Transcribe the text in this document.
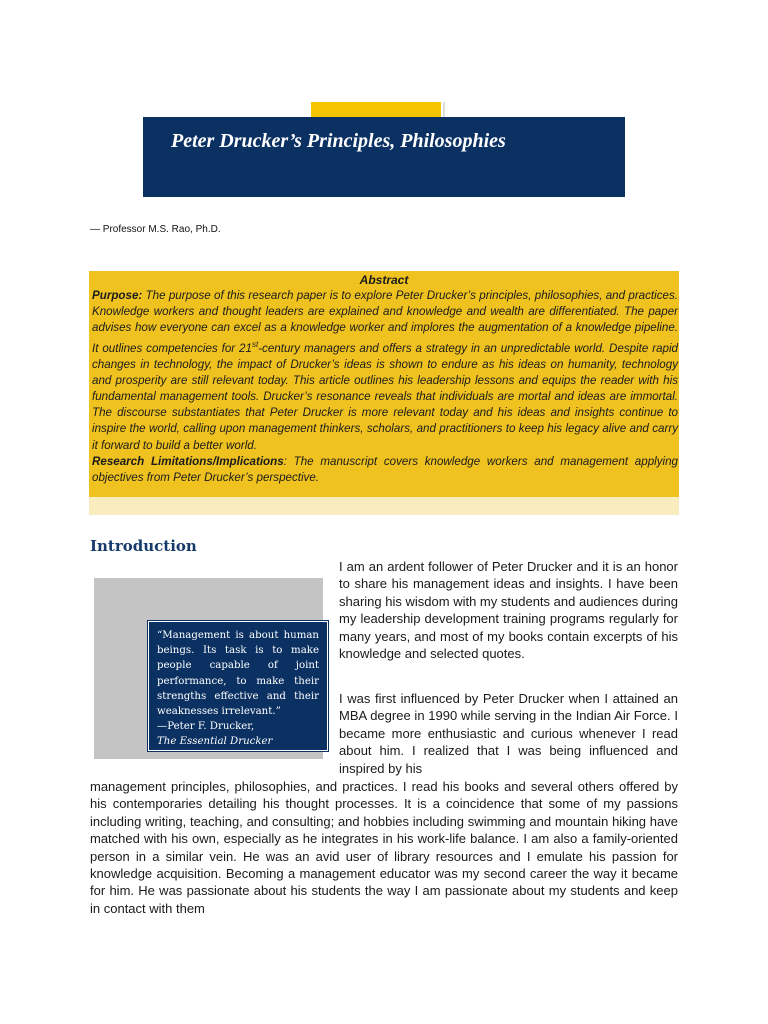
Peter Drucker’s Principles, Philosophies
— Professor M.S. Rao, Ph.D.
Abstract
Purpose: The purpose of this research paper is to explore Peter Drucker’s principles, philosophies, and practices. Knowledge workers and thought leaders are explained and knowledge and wealth are differentiated. The paper advises how everyone can excel as a knowledge worker and implores the augmentation of a knowledge pipeline. It outlines competencies for 21st-century managers and offers a strategy in an unpredictable world. Despite rapid changes in technology, the impact of Drucker’s ideas is shown to endure as his ideas on humanity, technology and prosperity are still relevant today. This article outlines his leadership lessons and equips the reader with his fundamental management tools. Drucker’s resonance reveals that individuals are mortal and ideas are immortal. The discourse substantiates that Peter Drucker is more relevant today and his ideas and insights continue to inspire the world, calling upon management thinkers, scholars, and practitioners to keep his legacy alive and carry it forward to build a better world.
Research Limitations/Implications: The manuscript covers knowledge workers and management applying objectives from Peter Drucker’s perspective.
Introduction
“Management is about human beings. Its task is to make people capable of joint performance, to make their strengths effective and their weaknesses irrelevant.”
—Peter F. Drucker,
The Essential Drucker
I am an ardent follower of Peter Drucker and it is an honor to share his management ideas and insights. I have been sharing his wisdom with my students and audiences during my leadership development training programs regularly for many years, and most of my books contain excerpts of his knowledge and selected quotes.
I was first influenced by Peter Drucker when I attained an MBA degree in 1990 while serving in the Indian Air Force. I became more enthusiastic and curious whenever I read about him. I realized that I was being influenced and inspired by his
management principles, philosophies, and practices. I read his books and several others offered by his contemporaries detailing his thought processes. It is a coincidence that some of my passions including writing, teaching, and consulting; and hobbies including swimming and mountain hiking have matched with his own, especially as he integrates in his work-life balance. I am also a family-oriented person in a similar vein. He was an avid user of library resources and I emulate his passion for knowledge acquisition. Becoming a management educator was my second career the way it became for him. He was passionate about his students the way I am passionate about my students and keep in contact with them
